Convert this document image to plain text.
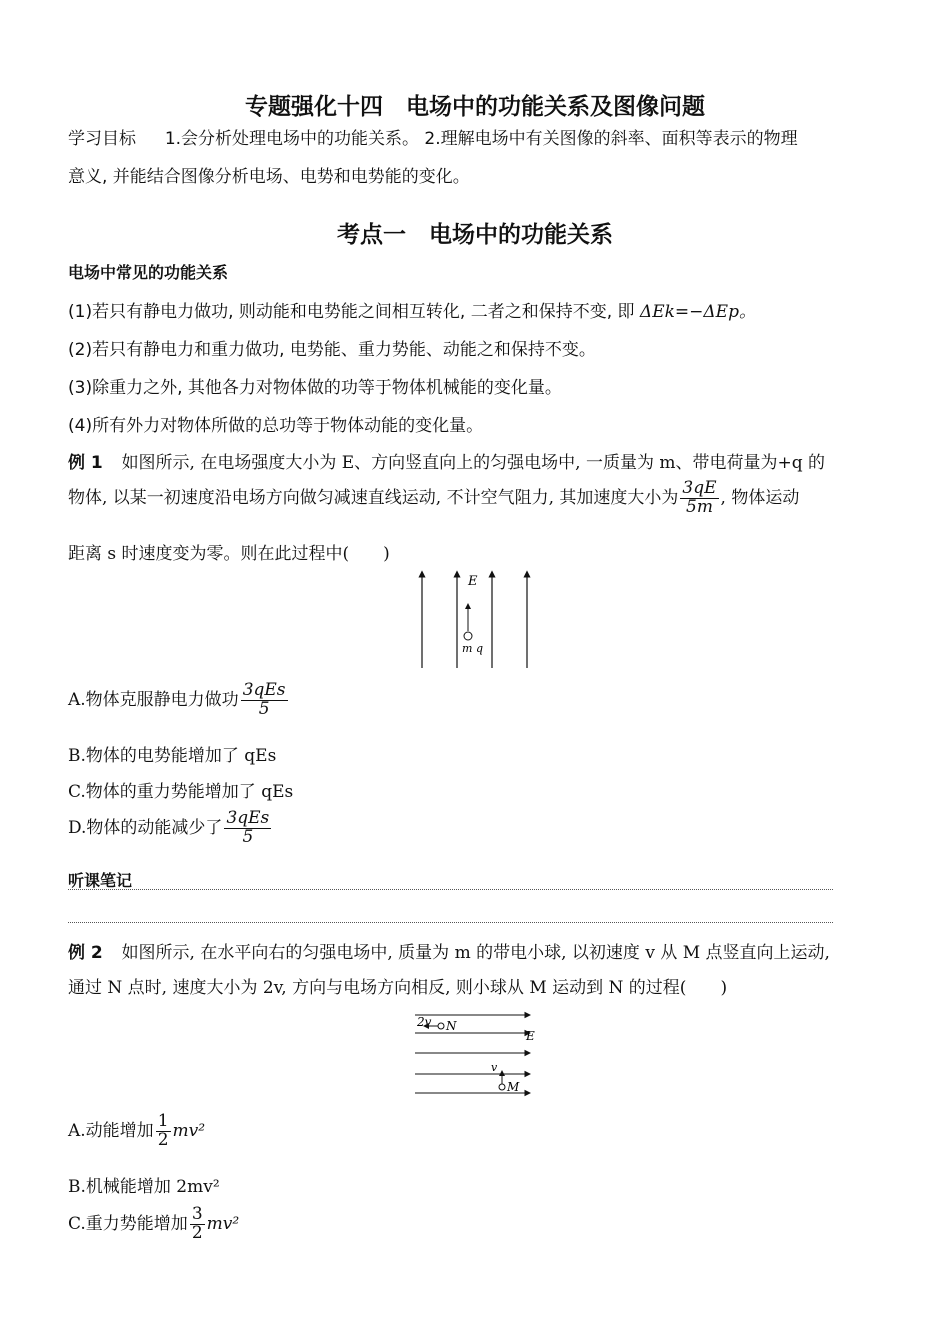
专题强化十四　电场中的功能关系及图像问题
学习目标 1.会分析处理电场中的功能关系。 2.理解电场中有关图像的斜率、面积等表示的物理
意义, 并能结合图像分析电场、电势和电势能的变化。
考点一　电场中的功能关系
电场中常见的功能关系
(1)若只有静电力做功, 则动能和电势能之间相互转化, 二者之和保持不变, 即 ΔEk=−ΔEp。
(2)若只有静电力和重力做功, 电势能、重力势能、动能之和保持不变。
(3)除重力之外, 其他各力对物体做的功等于物体机械能的变化量。
(4)所有外力对物体所做的总功等于物体动能的变化量。
例 1 如图所示, 在电场强度大小为 E、方向竖直向上的匀强电场中, 一质量为 m、带电荷量为+q 的
物体, 以某一初速度沿电场方向做匀减速直线运动, 不计空气阻力, 其加速度大小为 $\frac{3qE}{5m}$ , 物体运动
距离 s 时速度变为零。则在此过程中(　　)
E
m q
A.物体克服静电力做功 $\frac{\text{3qEs}}{5}$
B.物体的电势能增加了 qEs
C.物体的重力势能增加了 qEs
D.物体的动能减少了 $\frac{\text{3qEs}}{5}$
听课笔记
例 2 如图所示, 在水平向右的匀强电场中, 质量为 m 的带电小球, 以初速度 v 从 M 点竖直向上运动,
通过 N 点时, 速度大小为 2v, 方向与电场方向相反, 则小球从 M 运动到 N 的过程(　　)
2v N
E
v
M
A.动能增加 $\frac{1}{2} mv^2$
B.机械能增加 2mv²
C.重力势能增加 $\frac{3}{2} mv^2$
